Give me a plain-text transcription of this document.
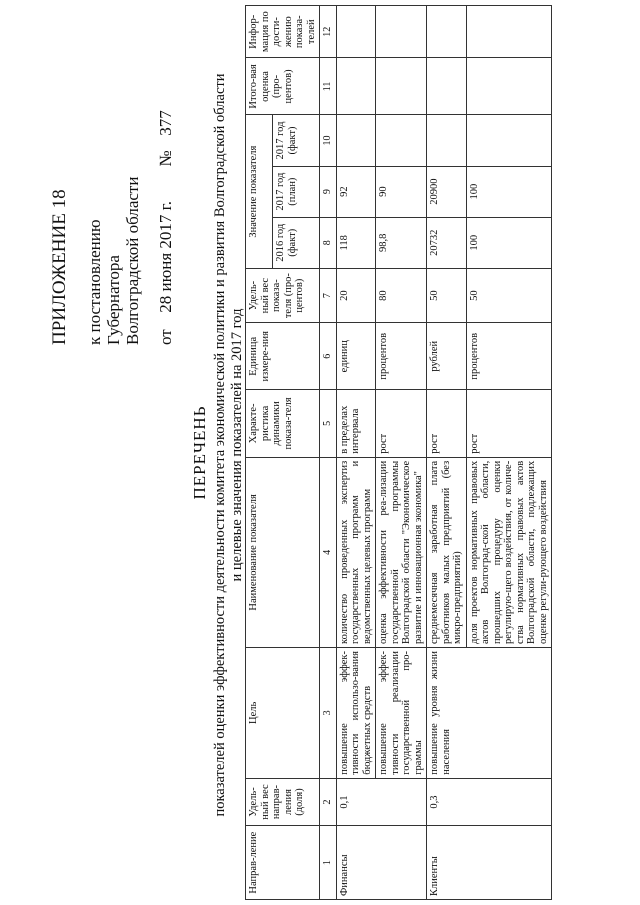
ПРИЛОЖЕНИЕ 18 к постановлению Губернатора Волгоградской области от  28 июня 2017 г.  №  377
ПЕРЕЧЕНЬ показателей оценки эффективности деятельности комитета экономической политики и развития Волгоградской области и целевые значения показателей на 2017 год
Направ-ление	Удель-ный вес направ-ления (доля)	Цель	Наименование показателя	Характе-ристика динамики показа-теля	Единица измере-ния	Удель-ный вес показа-теля (про-центов)	Значение показателя			Итого-вая оценка (про-центов)	Инфор-мация по дости-жению показа-телей
							2016 год (факт)	2017 год (план)	2017 год (факт)		
1	2	3	4	5	6	7	8	9	10	11	12
Финансы	0,1	повышение эффек-тивности использо-вания бюджетных средств	количество проведенных экспертиз государственных программ и ведомственных целевых программ	в пределах интервала	единиц	20	118	92			
		повышение эффек-тивности реализации государственной про-граммы	оценка эффективности реа-лизации государственной программы Волгоградской области "Экономическое развитие и инновационная экономика"	рост	процентов	80	98,8	90			
Клиенты	0,3	повышение уровня жизни населения	среднемесячная заработная плата работников малых предприятий (без микро-предприятий)	рост	рублей	50	20732	20900			
			доля проектов нормативных правовых актов Волгоград-ской области, прошедших процедуру оценки регулирую-щего воздействия, от количе-ства нормативных правовых актов Волгоградской области, подлежащих оценке регули-рующего воздействия	рост	процентов	50	100	100			
